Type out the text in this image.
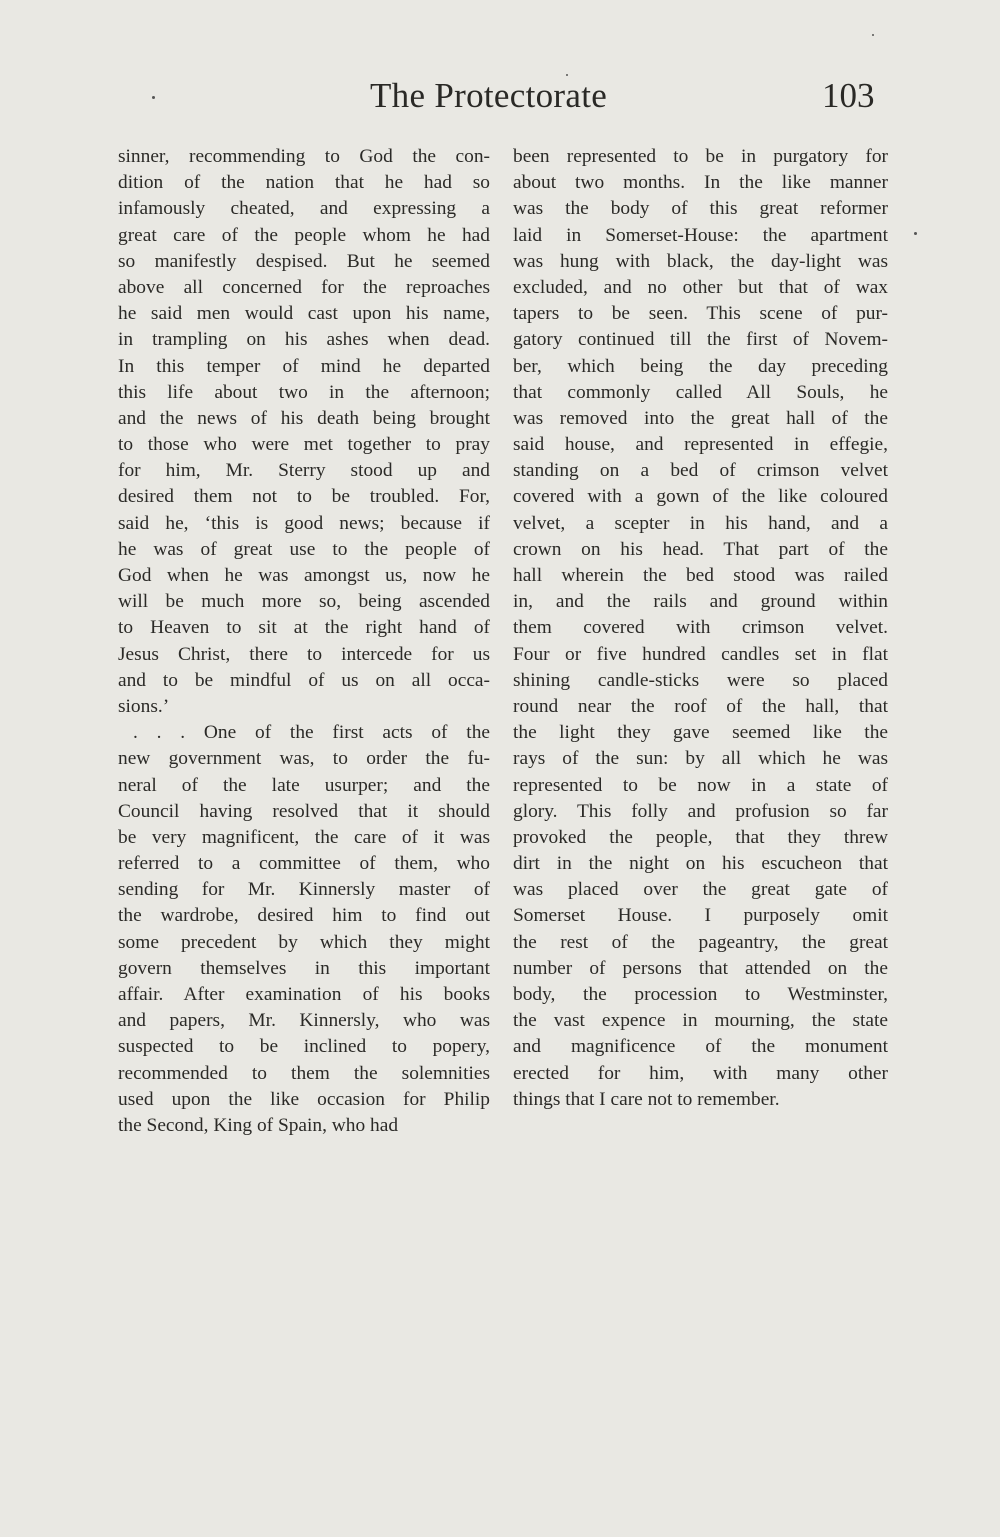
The Protectorate	103
sinner, recommending to God the con-
dition of the nation that he had so
infamously cheated, and expressing a
great care of the people whom he had
so manifestly despised. But he seemed
above all concerned for the reproaches
he said men would cast upon his name,
in trampling on his ashes when dead.
In this temper of mind he departed
this life about two in the afternoon;
and the news of his death being brought
to those who were met together to pray
for him, Mr. Sterry stood up and
desired them not to be troubled. For,
said he, ‘this is good news; because if
he was of great use to the people of
God when he was amongst us, now he
will be much more so, being ascended
to Heaven to sit at the right hand of
Jesus Christ, there to intercede for us
and to be mindful of us on all occa-
sions.’
. . . One of the first acts of the
new government was, to order the fu-
neral of the late usurper; and the
Council having resolved that it should
be very magnificent, the care of it was
referred to a committee of them, who
sending for Mr. Kinnersly master of
the wardrobe, desired him to find out
some precedent by which they might
govern themselves in this important
affair. After examination of his books
and papers, Mr. Kinnersly, who was
suspected to be inclined to popery,
recommended to them the solemnities
used upon the like occasion for Philip
the Second, King of Spain, who had
been represented to be in purgatory for
about two months. In the like manner
was the body of this great reformer
laid in Somerset-House: the apartment
was hung with black, the day-light was
excluded, and no other but that of wax
tapers to be seen. This scene of pur-
gatory continued till the first of Novem-
ber, which being the day preceding
that commonly called All Souls, he
was removed into the great hall of the
said house, and represented in effegie,
standing on a bed of crimson velvet
covered with a gown of the like coloured
velvet, a scepter in his hand, and a
crown on his head. That part of the
hall wherein the bed stood was railed
in, and the rails and ground within
them covered with crimson velvet.
Four or five hundred candles set in flat
shining candle-sticks were so placed
round near the roof of the hall, that
the light they gave seemed like the
rays of the sun: by all which he was
represented to be now in a state of
glory. This folly and profusion so far
provoked the people, that they threw
dirt in the night on his escucheon that
was placed over the great gate of
Somerset House. I purposely omit
the rest of the pageantry, the great
number of persons that attended on the
body, the procession to Westminster,
the vast expence in mourning, the state
and magnificence of the monument
erected for him, with many other
things that I care not to remember.
